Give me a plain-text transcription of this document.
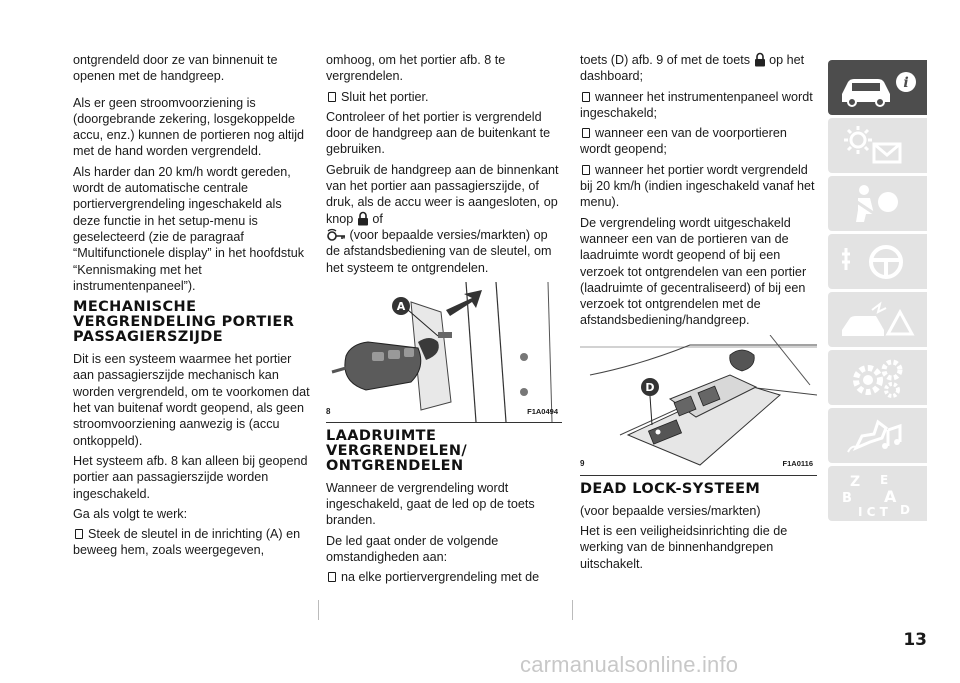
ontgrendeld door ze van binnenuit te openen met de handgreep.

Als er geen stroomvoorziening is (doorgebrande zekering, losgekoppelde accu, enz.) kunnen de portieren nog altijd met de hand worden vergrendeld.

Als harder dan 20 km/h wordt gereden, wordt de automatische centrale portiervergrendeling ingeschakeld als deze functie in het setup-menu is geselecteerd (zie de paragraaf “Multifunctionele display” in het hoofdstuk “Kennismaking met het instrumentenpaneel”).

MECHANISCHE VERGRENDELING PORTIER PASSAGIERSZIJDE

Dit is een systeem waarmee het portier aan passagierszijde mechanisch kan worden vergrendeld, om te voorkomen dat het van buitenaf wordt geopend, als geen stroomvoorziening aanwezig is (accu ontkoppeld).

Het systeem afb. 8 kan alleen bij geopend portier aan passagierszijde worden ingeschakeld.

Ga als volgt te werk:

Steek de sleutel in de inrichting (A) en beweeg hem, zoals weergegeven,

omhoog, om het portier afb. 8 te vergrendelen.

Sluit het portier.

Controleer of het portier is vergrendeld door de handgreep aan de buitenkant te gebruiken.

Gebruik de handgreep aan de binnenkant van het portier aan passagierszijde, of druk, als de accu weer is aangesloten, op knop of
(voor bepaalde versies/markten) op de afstandsbediening van de sleutel, om het systeem te ontgrendelen.

A
8	F1A0494
LAADRUIMTE VERGRENDELEN/ ONTGRENDELEN

Wanneer de vergrendeling wordt ingeschakeld, gaat de led op de toets branden.

De led gaat onder de volgende omstandigheden aan:

na elke portiervergrendeling met de

toets (D) afb. 9 of met de toets op het dashboard;

wanneer het instrumentenpaneel wordt ingeschakeld;

wanneer een van de voorportieren wordt geopend;

wanneer het portier wordt vergrendeld bij 20 km/h (indien ingeschakeld vanaf het menu).

De vergrendeling wordt uitgeschakeld wanneer een van de portieren van de laadruimte wordt geopend of bij een verzoek tot ontgrendelen van een portier (laadruimte of gecentraliseerd) of bij een verzoek tot ontgrendelen met de afstandsbediening/handgreep.

D
9	F1A0116
DEAD LOCK-SYSTEEM

(voor bepaalde versies/markten)

Het is een veiligheidsinrichting die de werking van de binnenhandgrepen uitschakelt.

i
Z E
B A
I C T D
13
carmanualsonline.info
